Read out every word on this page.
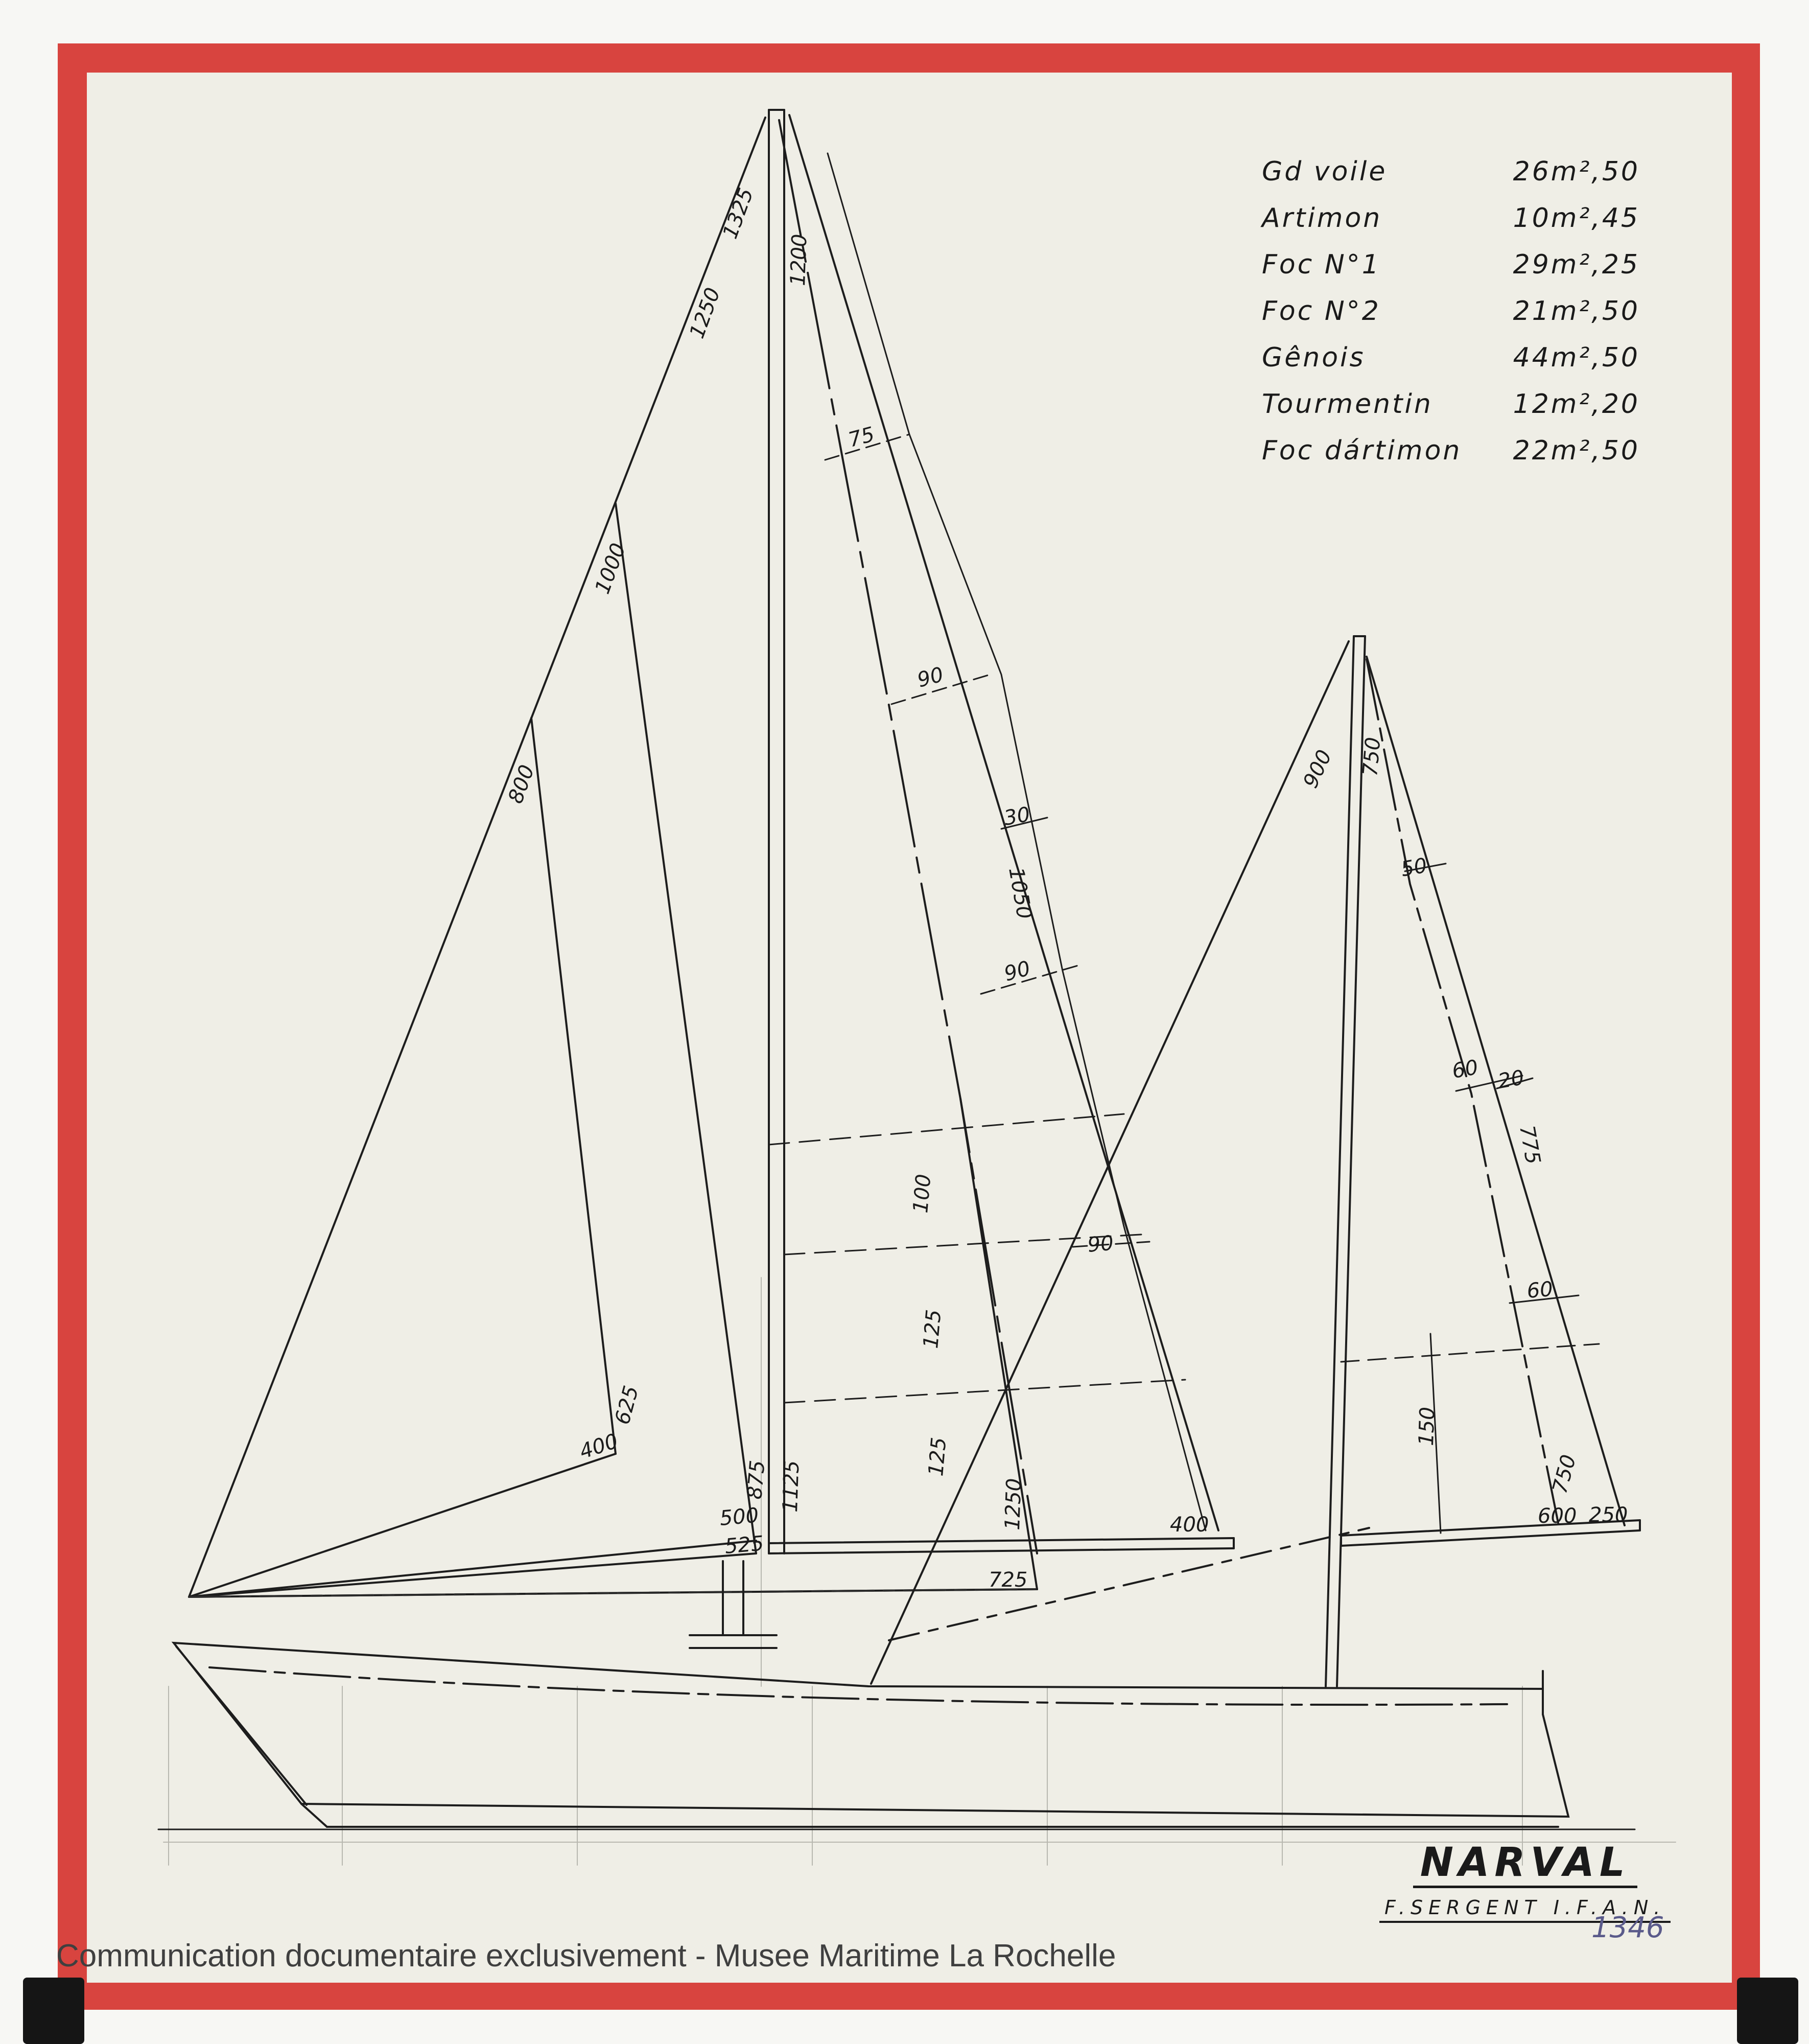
1325
1200
1250
1000
800
625
400
75
90
30
1050
90
90
100
125
125
400
1250
725
500
525
875 1125
900 750
50
60 20
775
60
150
750
600 250
Gd voile	26m²,50
Artimon	10m²,45
Foc N°1	29m²,25
Foc N°2	21m²,50
Gênois	44m²,50
Tourmentin	12m²,20
Foc dártimon 22m²,50
NARVAL
F.SERGENT I.F.A.N.
1346
Communication documentaire exclusivement - Musee Maritime La Rochelle
